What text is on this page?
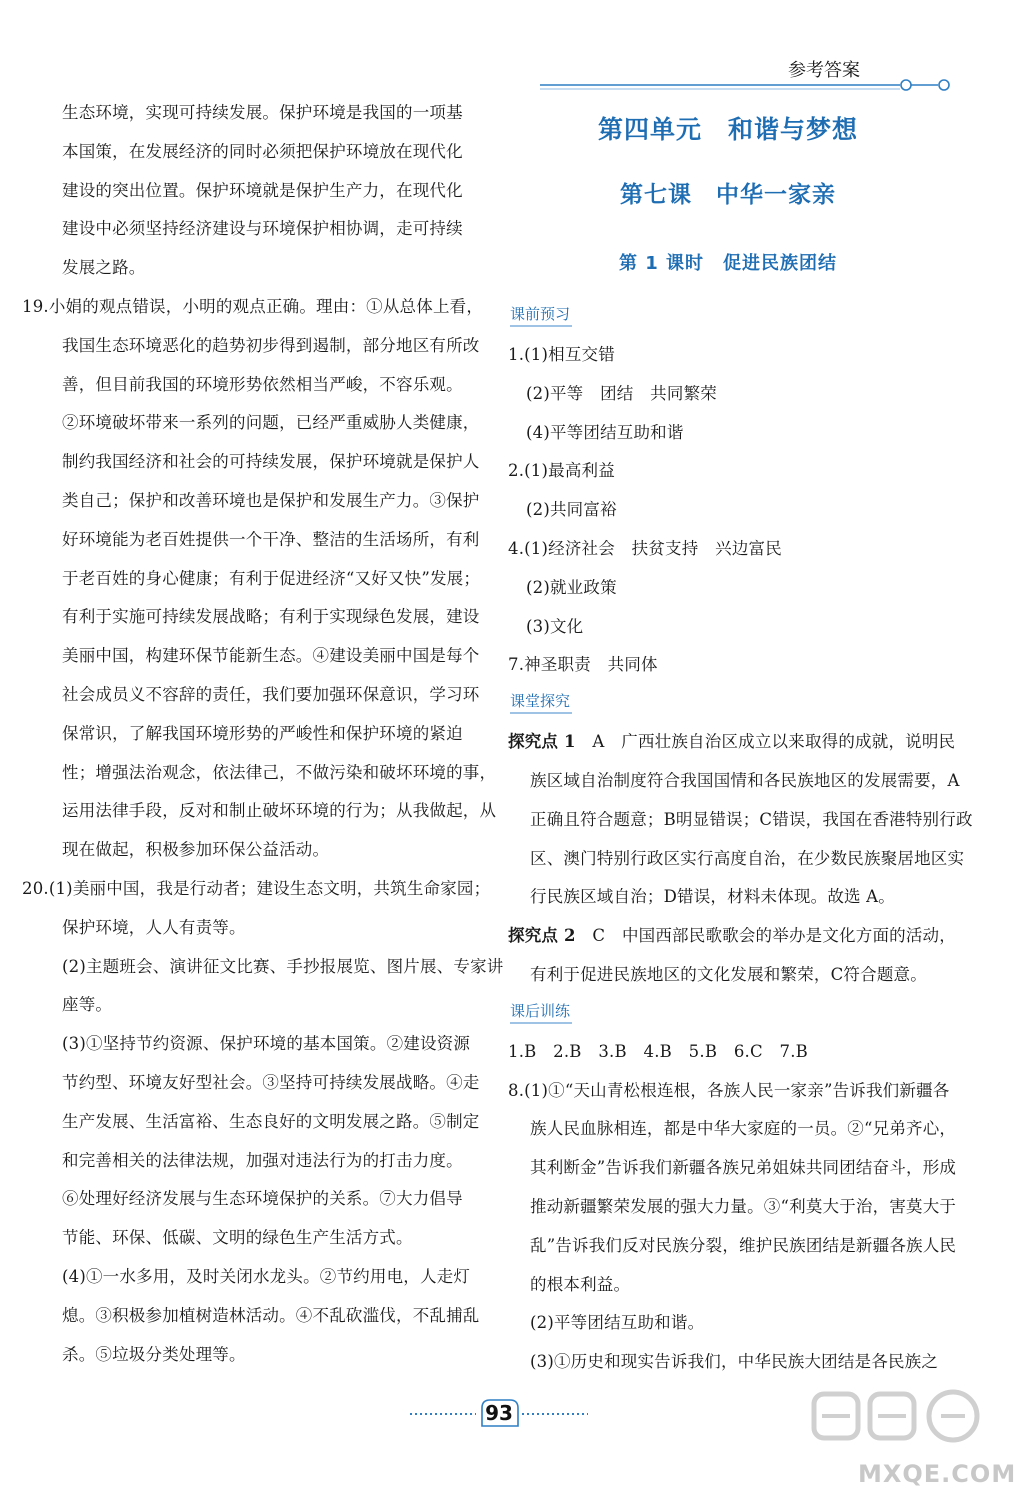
参考答案
生态环境，实现可持续发展。保护环境是我国的一项基
本国策，在发展经济的同时必须把保护环境放在现代化
建设的突出位置。保护环境就是保护生产力，在现代化
建设中必须坚持经济建设与环境保护相协调，走可持续
发展之路。
19.小娟的观点错误，小明的观点正确。理由：①从总体上看，
我国生态环境恶化的趋势初步得到遏制，部分地区有所改
善，但目前我国的环境形势依然相当严峻，不容乐观。
②环境破坏带来一系列的问题，已经严重威胁人类健康，
制约我国经济和社会的可持续发展，保护环境就是保护人
类自己；保护和改善环境也是保护和发展生产力。③保护
好环境能为老百姓提供一个干净、整洁的生活场所，有利
于老百姓的身心健康；有利于促进经济“又好又快”发展；
有利于实施可持续发展战略；有利于实现绿色发展，建设
美丽中国，构建环保节能新生态。④建设美丽中国是每个
社会成员义不容辞的责任，我们要加强环保意识，学习环
保常识，了解我国环境形势的严峻性和保护环境的紧迫
性；增强法治观念，依法律己，不做污染和破坏环境的事，
运用法律手段，反对和制止破坏环境的行为；从我做起，从
现在做起，积极参加环保公益活动。
20.(1)美丽中国，我是行动者；建设生态文明，共筑生命家园；
保护环境，人人有责等。
(2)主题班会、演讲征文比赛、手抄报展览、图片展、专家讲
座等。
(3)①坚持节约资源、保护环境的基本国策。②建设资源
节约型、环境友好型社会。③坚持可持续发展战略。④走
生产发展、生活富裕、生态良好的文明发展之路。⑤制定
和完善相关的法律法规，加强对违法行为的打击力度。
⑥处理好经济发展与生态环境保护的关系。⑦大力倡导
节能、环保、低碳、文明的绿色生产生活方式。
(4)①一水多用，及时关闭水龙头。②节约用电，人走灯
熄。③积极参加植树造林活动。④不乱砍滥伐，不乱捕乱
杀。⑤垃圾分类处理等。
第四单元　和谐与梦想
第七课　中华一家亲
第 1 课时　促进民族团结
课前预习
1.(1)相互交错
(2)平等　团结　共同繁荣
(4)平等团结互助和谐
2.(1)最高利益
(2)共同富裕
4.(1)经济社会　扶贫支持　兴边富民
(2)就业政策
(3)文化
7.神圣职责　共同体
课堂探究
探究点 1　A　广西壮族自治区成立以来取得的成就，说明民
族区域自治制度符合我国国情和各民族地区的发展需要，A
正确且符合题意；B明显错误；C错误，我国在香港特别行政
区、澳门特别行政区实行高度自治，在少数民族聚居地区实
行民族区域自治；D错误，材料未体现。故选 A。
探究点 2　C　中国西部民歌歌会的举办是文化方面的活动，
有利于促进民族地区的文化发展和繁荣，C符合题意。
课后训练
1.B　2.B　3.B　4.B　5.B　6.C　7.B
8.(1)①“天山青松根连根，各族人民一家亲”告诉我们新疆各
族人民血脉相连，都是中华大家庭的一员。②“兄弟齐心，
其利断金”告诉我们新疆各族兄弟姐妹共同团结奋斗，形成
推动新疆繁荣发展的强大力量。③“利莫大于治，害莫大于
乱”告诉我们反对民族分裂，维护民族团结是新疆各族人民
的根本利益。
(2)平等团结互助和谐。
(3)①历史和现实告诉我们，中华民族大团结是各民族之
93
MXQE.COM
